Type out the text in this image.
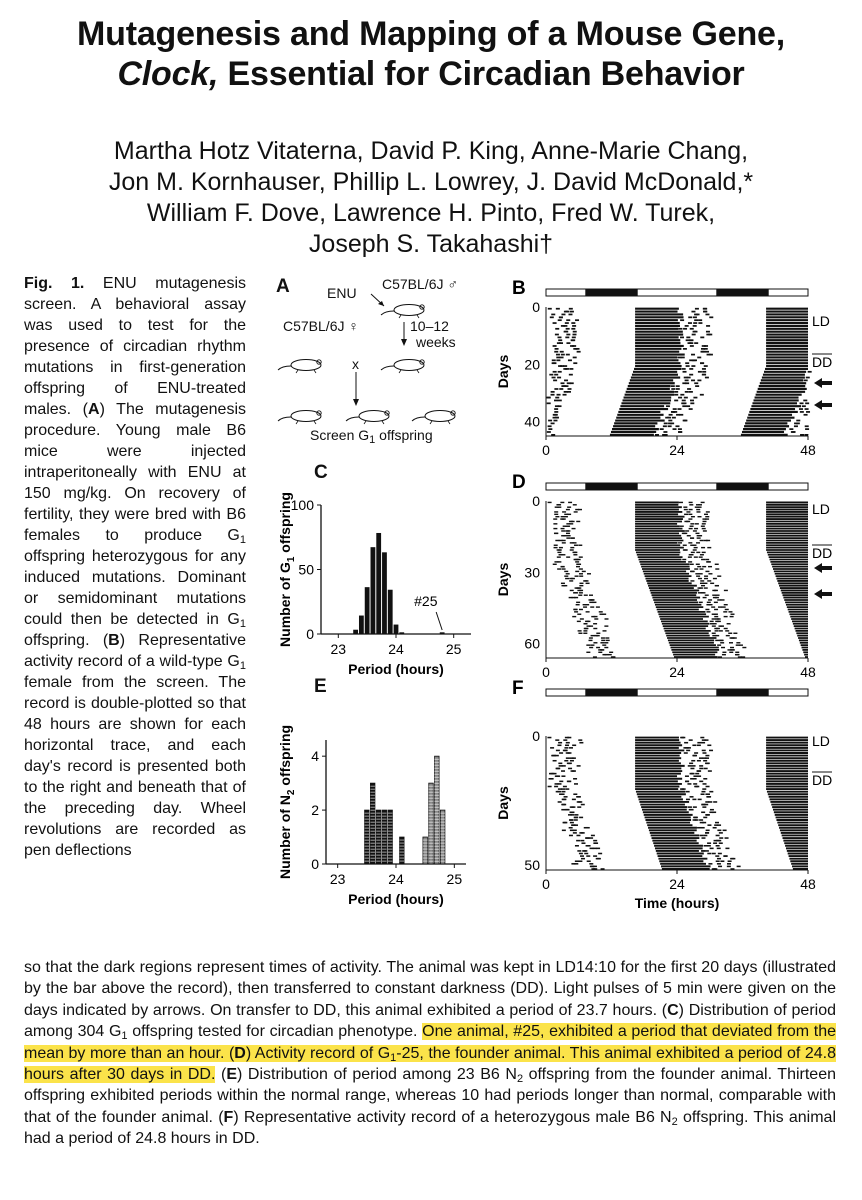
Mutagenesis and Mapping of a Mouse Gene,
Clock, Essential for Circadian Behavior
Martha Hotz Vitaterna, David P. King, Anne-Marie Chang,
Jon M. Kornhauser, Phillip L. Lowrey, J. David McDonald,*
William F. Dove, Lawrence H. Pinto, Fred W. Turek,
Joseph S. Takahashi†
Fig. 1. ENU mutagenesis screen. A behavioral assay was used to test for the presence of circadian rhythm mutations in first-generation offspring of ENU-treated males. (A) The mutagenesis procedure. Young male B6 mice were injected intraperitoneally with ENU at 150 mg/kg. On recovery of fertility, they were bred with B6 females to produce $G_1$ offspring heterozygous for any induced mutations. Dominant or semidominant mutations could then be detected in $G_1$ offspring. (B) Representative activity record of a wild-type $G_1$ female from the screen. The record is double-plotted so that 48 hours are shown for each horizontal trace, and each day's record is presented both to the right and beneath that of the preceding day. Wheel revolutions are recorded as pen deflections
so that the dark regions represent times of activity. The animal was kept in LD14:10 for the first 20 days (illustrated by the bar above the record), then transferred to constant darkness (DD). Light pulses of 5 min were given on the days indicated by arrows. On transfer to DD, this animal exhibited a period of 23.7 hours. (C) Distribution of period among 304 $G_1$ offspring tested for circadian phenotype. One animal, #25, exhibited a period that deviated from the mean by more than an hour. (D) Activity record of $G_1-25$, the founder animal. This animal exhibited a period of 24.8 hours after 30 days in DD. (E) Distribution of period among 23 B6 $N_2$ offspring from the founder animal. Thirteen offspring exhibited periods within the normal range, whereas 10 had periods longer than normal, comparable with that of the founder animal. (F) Representative activity record of a heterozygous male B6 $N_2$ offspring. This animal had a period of 24.8 hours in DD.
A	ENU
C57BL/6J ♂
C57BL/6J ♀	10–12
weeks
x
Screen $G_1$ offspring
C
0
50
100
23	24	25
Period (hours)
Number of $G_1$ offspring
#25
E
0
2
4
23	24	25
Period (hours)
Number of $N_2$ offspring
B
0
20
40
Days
0	24	48
LD
DD
D
0
30
60
Days
0	24	48
LD
DD
F
0
50
Days
0	24	48
Time (hours)
LD
DD
